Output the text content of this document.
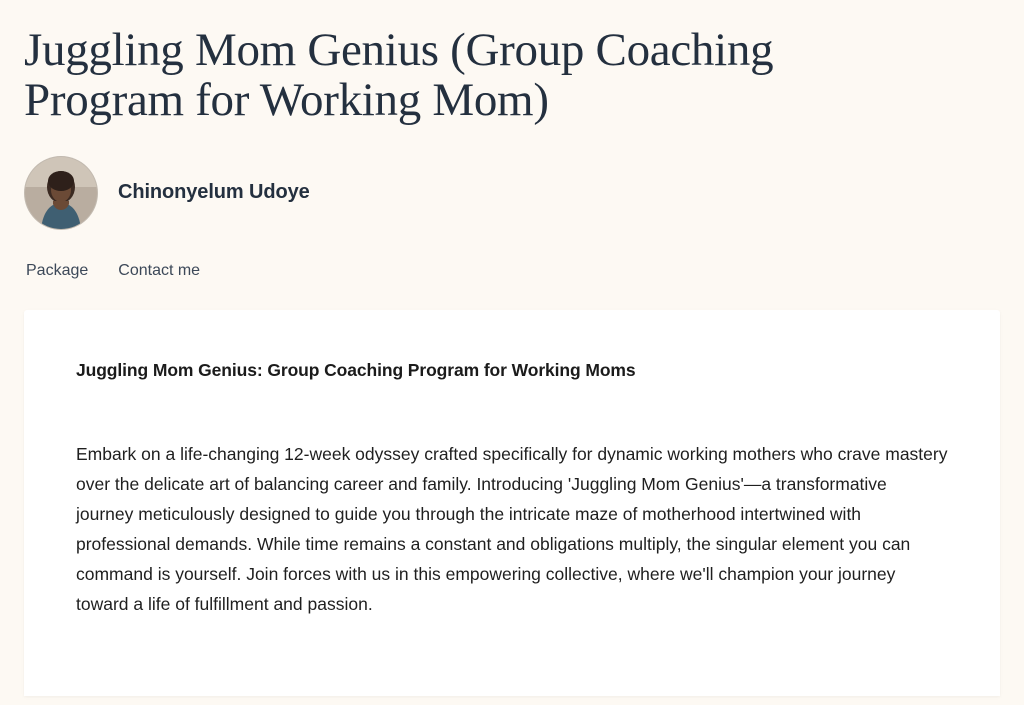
Juggling Mom Genius (Group Coaching Program for Working Mom)
Chinonyelum Udoye
Package Contact me
Juggling Mom Genius: Group Coaching Program for Working Moms

Embark on a life-changing 12-week odyssey crafted specifically for dynamic working mothers who crave mastery over the delicate art of balancing career and family. Introducing 'Juggling Mom Genius'—a transformative journey meticulously designed to guide you through the intricate maze of motherhood intertwined with professional demands. While time remains a constant and obligations multiply, the singular element you can command is yourself. Join forces with us in this empowering collective, where we'll champion your journey toward a life of fulfillment and passion.
